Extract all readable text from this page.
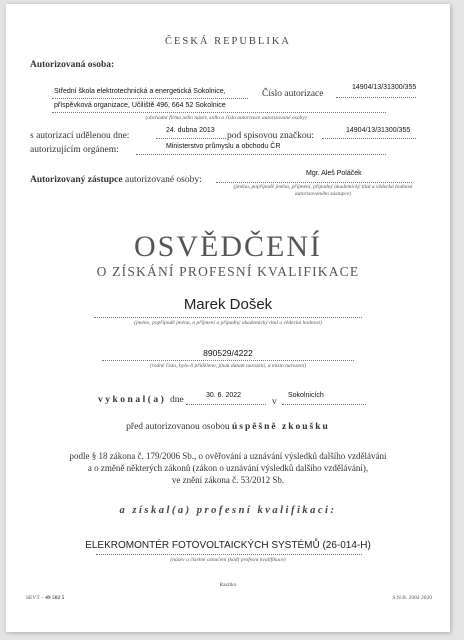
ČESKÁ REPUBLIKA
Autorizovaná osoba:
Střední škola elektrotechnická a energetická Sokolnice,
příspěvková organizace, Učiliště 496, 664 52 Sokolnice
Číslo autorizace
14904/13/31300/355
(obchodní firma nebo název, sídlo a číslo autorizace autorizované osoby)
s autorizací udělenou dne:
24. dubna 2013
pod spisovou značkou:
14904/13/31300/355
autorizujícím orgánem:	Ministerstvo průmyslu a obchodu ČR
Autorizovaný zástupce autorizované osoby:
Mgr. Aleš Poláček
(jméno, popřípadě jména, příjmení, případný akademický titul a vědecká hodnost autorizovaného zástupce)
OSVĚDČENÍ
O ZÍSKÁNÍ PROFESNÍ KVALIFIKACE
Marek Došek
(jméno, popřípadě jména, a příjmení a případný akademický titul a vědecká hodnost)
890529/4222
(rodné číslo, bylo-li přiděleno, jinak datum narození, a místo narození)
vykonal(a) dne	30. 6. 2022
v
Sokolnicích
před autorizovanou osobou úspěšně zkoušku
podle § 18 zákona č. 179/2006 Sb., o ověřování a uznávání výsledků dalšího vzdělávání
a o změně některých zákonů (zákon o uznávání výsledků dalšího vzdělávání),
ve znění zákona č. 53/2012 Sb.
a získal(a) profesní kvalifikaci:
ELEKROMONTÉR FOTOVOLTAICKÝCH SYSTÉMŮ (26-014-H)
(název a číselné označení (kód) profesní kvalifikace)
Razítko
SEVT – 49 502 5	S.N.B. 2084 2020
